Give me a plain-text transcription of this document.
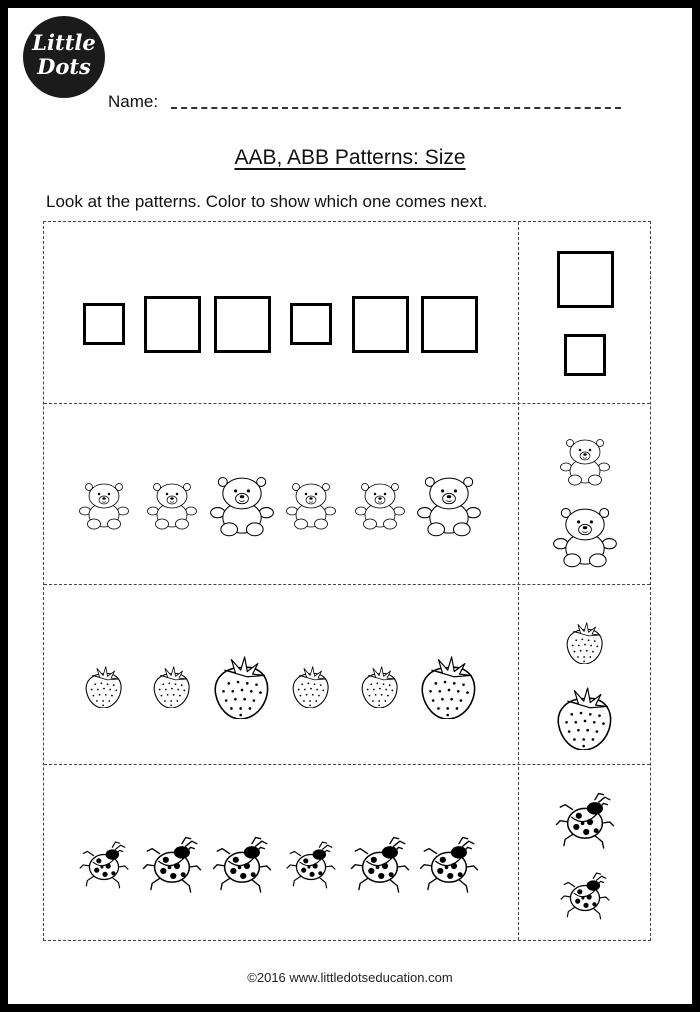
Little
Dots
Name:
AAB, ABB Patterns: Size
Look at the patterns. Color to show which one comes next.
©2016 www.littledotseducation.com
